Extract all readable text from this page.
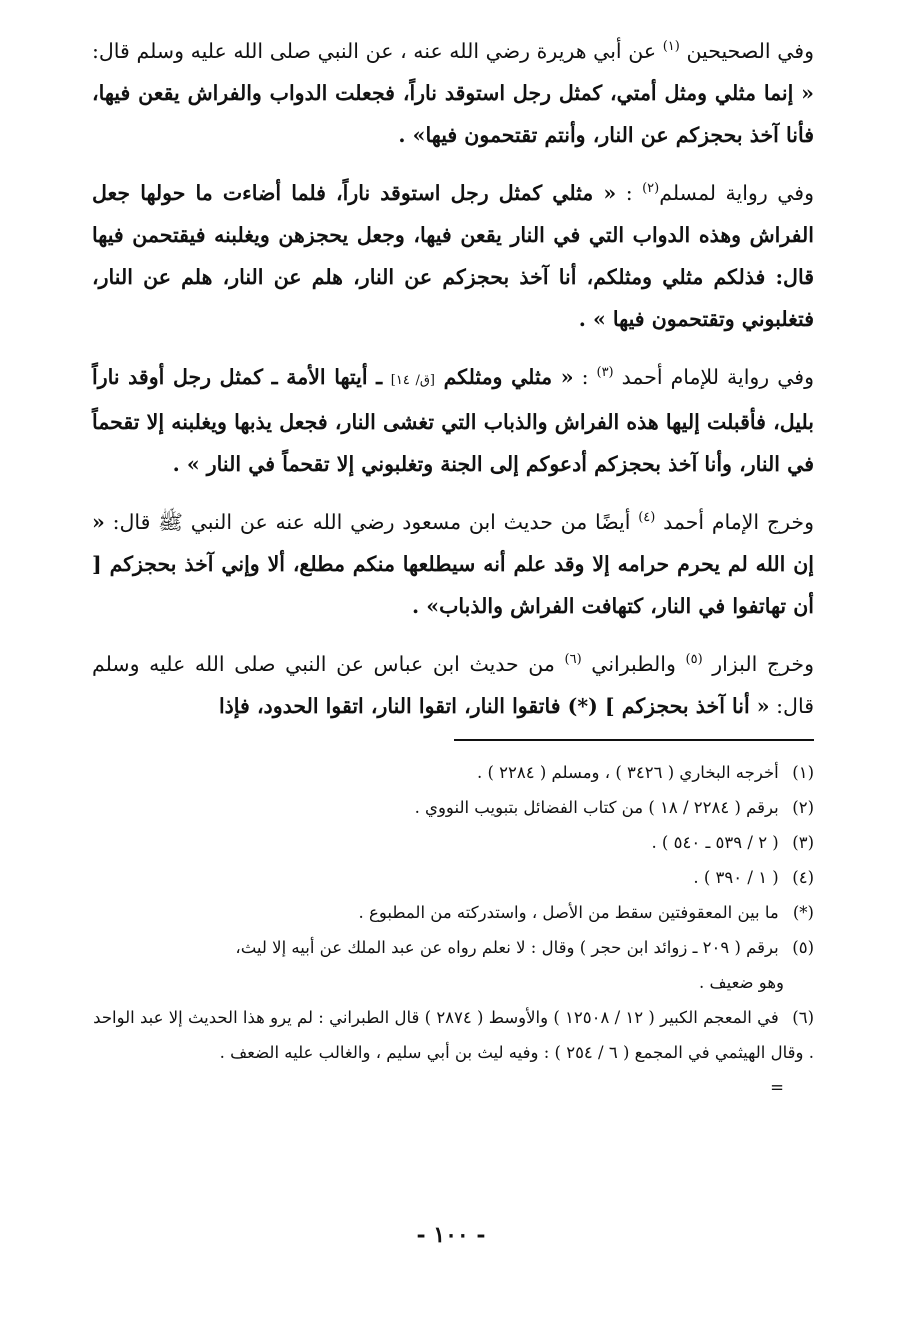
وفي الصحيحين $^{(١)}$ عن أبي هريرة رضي الله عنه ، عن النبي صلى الله عليه وسلم قال: « إنما مثلي ومثل أمتي، كمثل رجل استوقد ناراً، فجعلت الدواب والفراش يقعن فيها، فأنا آخذ بحجزكم عن النار، وأنتم تقتحمون فيها» .
وفي رواية لمسلم$^{(٢)}$ : « مثلي كمثل رجل استوقد ناراً، فلما أضاءت ما حولها جعل الفراش وهذه الدواب التي في النار يقعن فيها، وجعل يحجزهن ويغلبنه فيقتحمن فيها قال: فذلكم مثلي ومثلكم، أنا آخذ بحجزكم عن النار، هلم عن النار، هلم عن النار، فتغلبوني وتقتحمون فيها » .
وفي رواية للإمام أحمد $^{(٣)}$ : « مثلي ومثلكم [ق/ ١٤] ـ أيتها الأمة ـ كمثل رجل أوقد ناراً بليل، فأقبلت إليها هذه الفراش والذباب التي تغشى النار، فجعل يذبها ويغلبنه إلا تقحماً في النار، وأنا آخذ بحجزكم أدعوكم إلى الجنة وتغلبوني إلا تقحماً في النار » .
وخرج الإمام أحمد $^{(٤)}$ أيضًا من حديث ابن مسعود رضي الله عنه عن النبي ﷺ قال: « إن الله لم يحرم حرامه إلا وقد علم أنه سيطلعها منكم مطلع، ألا وإني آخذ بحجزكم [ أن تهاتفوا في النار، كتهافت الفراش والذباب» .
وخرج البزار $^{(٥)}$ والطبراني $^{(٦)}$ من حديث ابن عباس عن النبي صلى الله عليه وسلم قال: « أنا آخذ بحجزكم ] (*) فاتقوا النار، اتقوا النار، اتقوا الحدود، فإذا
(١) أخرجه البخاري ( ٣٤٢٦ ) ، ومسلم ( ٢٢٨٤ ) .
(٢) برقم ( ٢٢٨٤ / ١٨ ) من كتاب الفضائل بتبويب النووي .
(٣) ( ٢ / ٥٣٩ ـ ٥٤٠ ) .
(٤) ( ١ / ٣٩٠ ) .
(*) ما بين المعقوفتين سقط من الأصل ، واستدركته من المطبوع .
(٥) برقم ( ٢٠٩ ـ زوائد ابن حجر ) وقال : لا نعلم رواه عن عبد الملك عن أبيه إلا ليث،
وهو ضعيف .
(٦) في المعجم الكبير ( ١٢ / ١٢٥٠٨ ) والأوسط ( ٢٨٧٤ ) قال الطبراني : لم يرو هذا الحديث إلا عبد الواحد . وقال الهيثمي في المجمع ( ٦ / ٢٥٤ ) : وفيه ليث بن أبي سليم ، والغالب عليه الضعف .
=
- ١٠٠ -
